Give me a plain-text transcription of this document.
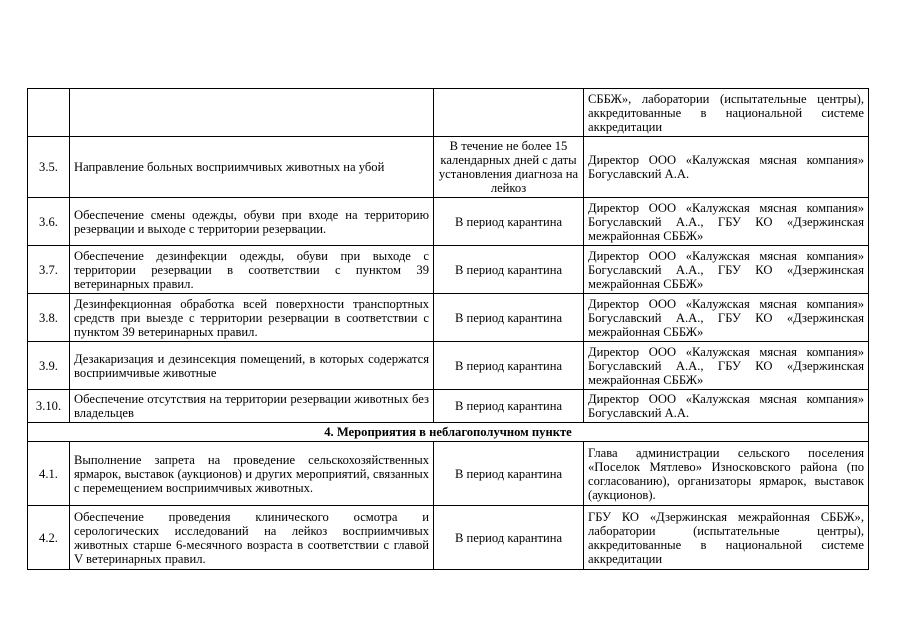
			СББЖ», лаборатории (испытательные центры), аккредитованные в национальной системе аккредитации
3.5.	Направление больных восприимчивых животных на убой	В течение не более 15 календарных дней с даты установления диагноза на лейкоз	Директор ООО «Калужская мясная компания» Богуславский А.А.
3.6.	Обеспечение смены одежды, обуви при входе на территорию резервации и выходе с территории резервации.	В период карантина	Директор ООО «Калужская мясная компания» Богуславский А.А., ГБУ КО «Дзержинская межрайонная СББЖ»
3.7.	Обеспечение дезинфекции одежды, обуви при выходе с территории резервации в соответствии с пунктом 39 ветеринарных правил.	В период карантина	Директор ООО «Калужская мясная компания» Богуславский А.А., ГБУ КО «Дзержинская межрайонная СББЖ»
3.8.	Дезинфекционная обработка всей поверхности транспортных средств при выезде с территории резервации в соответствии с пунктом 39 ветеринарных правил.	В период карантина	Директор ООО «Калужская мясная компания» Богуславский А.А., ГБУ КО «Дзержинская межрайонная СББЖ»
3.9.	Дезакаризация и дезинсекция помещений, в которых содержатся восприимчивые животные	В период карантина	Директор ООО «Калужская мясная компания» Богуславский А.А., ГБУ КО «Дзержинская межрайонная СББЖ»
3.10.	Обеспечение отсутствия на территории резервации животных без владельцев	В период карантина	Директор ООО «Калужская мясная компания» Богуславский А.А.
4. Мероприятия в неблагополучном пункте			
4.1.	Выполнение запрета на проведение сельскохозяйственных ярмарок, выставок (аукционов) и других мероприятий, связанных с перемещением восприимчивых животных.	В период карантина	Глава администрации сельского поселения «Поселок Мятлево» Износковского района (по согласованию), организаторы ярмарок, выставок (аукционов).
4.2.	Обеспечение проведения клинического осмотра и серологических исследований на лейкоз восприимчивых животных старше 6-месячного возраста в соответствии с главой V ветеринарных правил.	В период карантина	ГБУ КО «Дзержинская межрайонная СББЖ», лаборатории (испытательные центры), аккредитованные в национальной системе аккредитации
